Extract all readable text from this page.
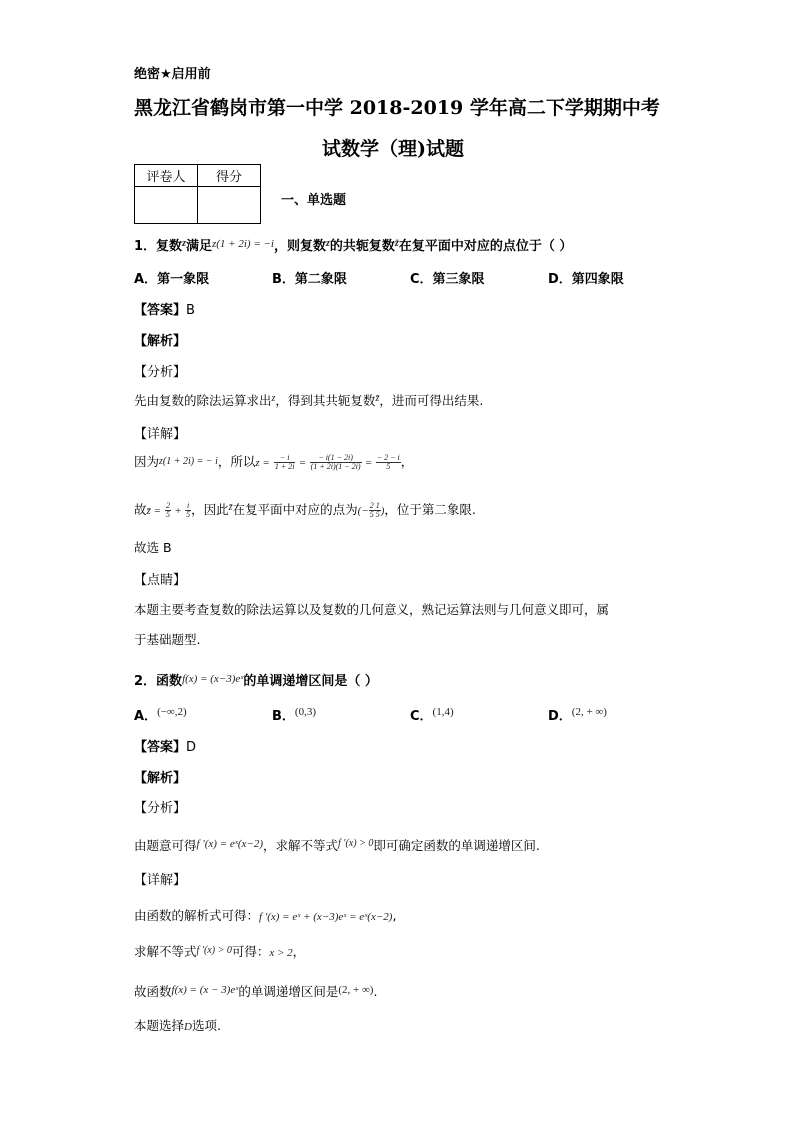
绝密★启用前
黑龙江省鹤岗市第一中学 2018-2019 学年高二下学期期中考
试数学（理)试题
评卷人	得分

一、单选题
1．复数$^z$满足$^{z(1 + 2i) = -i}$，则复数$^z$的共轭复数$^{z̄}$在复平面中对应的点位于（ ）
A．第一象限	B．第二象限	C．第三象限	D．第四象限
【答案】B
【解析】
【分析】
先由复数的除法运算求出$^z$，得到其共轭复数$^{z̄}$，进而可得出结果.
【详解】
因为z(1 + 2i) = − i，所以$z = \frac{- i}{1 + 2i} = \frac{- i(1 - 2i)}{(1 + 2i)(1 - 2i)} = \frac{- 2 - i}{5}$ ，
故z̄ = $\frac{2}{5} + \frac{i}{5}$ ，因此$^{z̄}$在复平面中对应的点为(− $\frac{2 1}{5 5}$ )，位于第二象限.
故选 B
【点睛】
本题主要考查复数的除法运算以及复数的几何意义，熟记运算法则与几何意义即可，属
于基础题型.
2．函数$^{f(x) = (x-3)eˣ}$的单调递增区间是（ ）
A．$^{(-\infty,2)}$	B．$^{(0,3)}$	C．$^{(1,4)}$	D．$^{(2, + \infty)}$
【答案】D
【解析】
【分析】
由题意可得f ′(x) = eˣ(x−2)，求解不等式$^{f '(x) > 0}$即可确定函数的单调递增区间.
【详解】
由函数的解析式可得：f ′(x) = eˣ + (x−3)eˣ = eˣ(x−2),
求解不等式$^{f '(x) > 0}$可得：x > 2，
故函数f(x) = (x − 3)eˣ的单调递增区间是(2, + ∞).
本题选择D选项.
